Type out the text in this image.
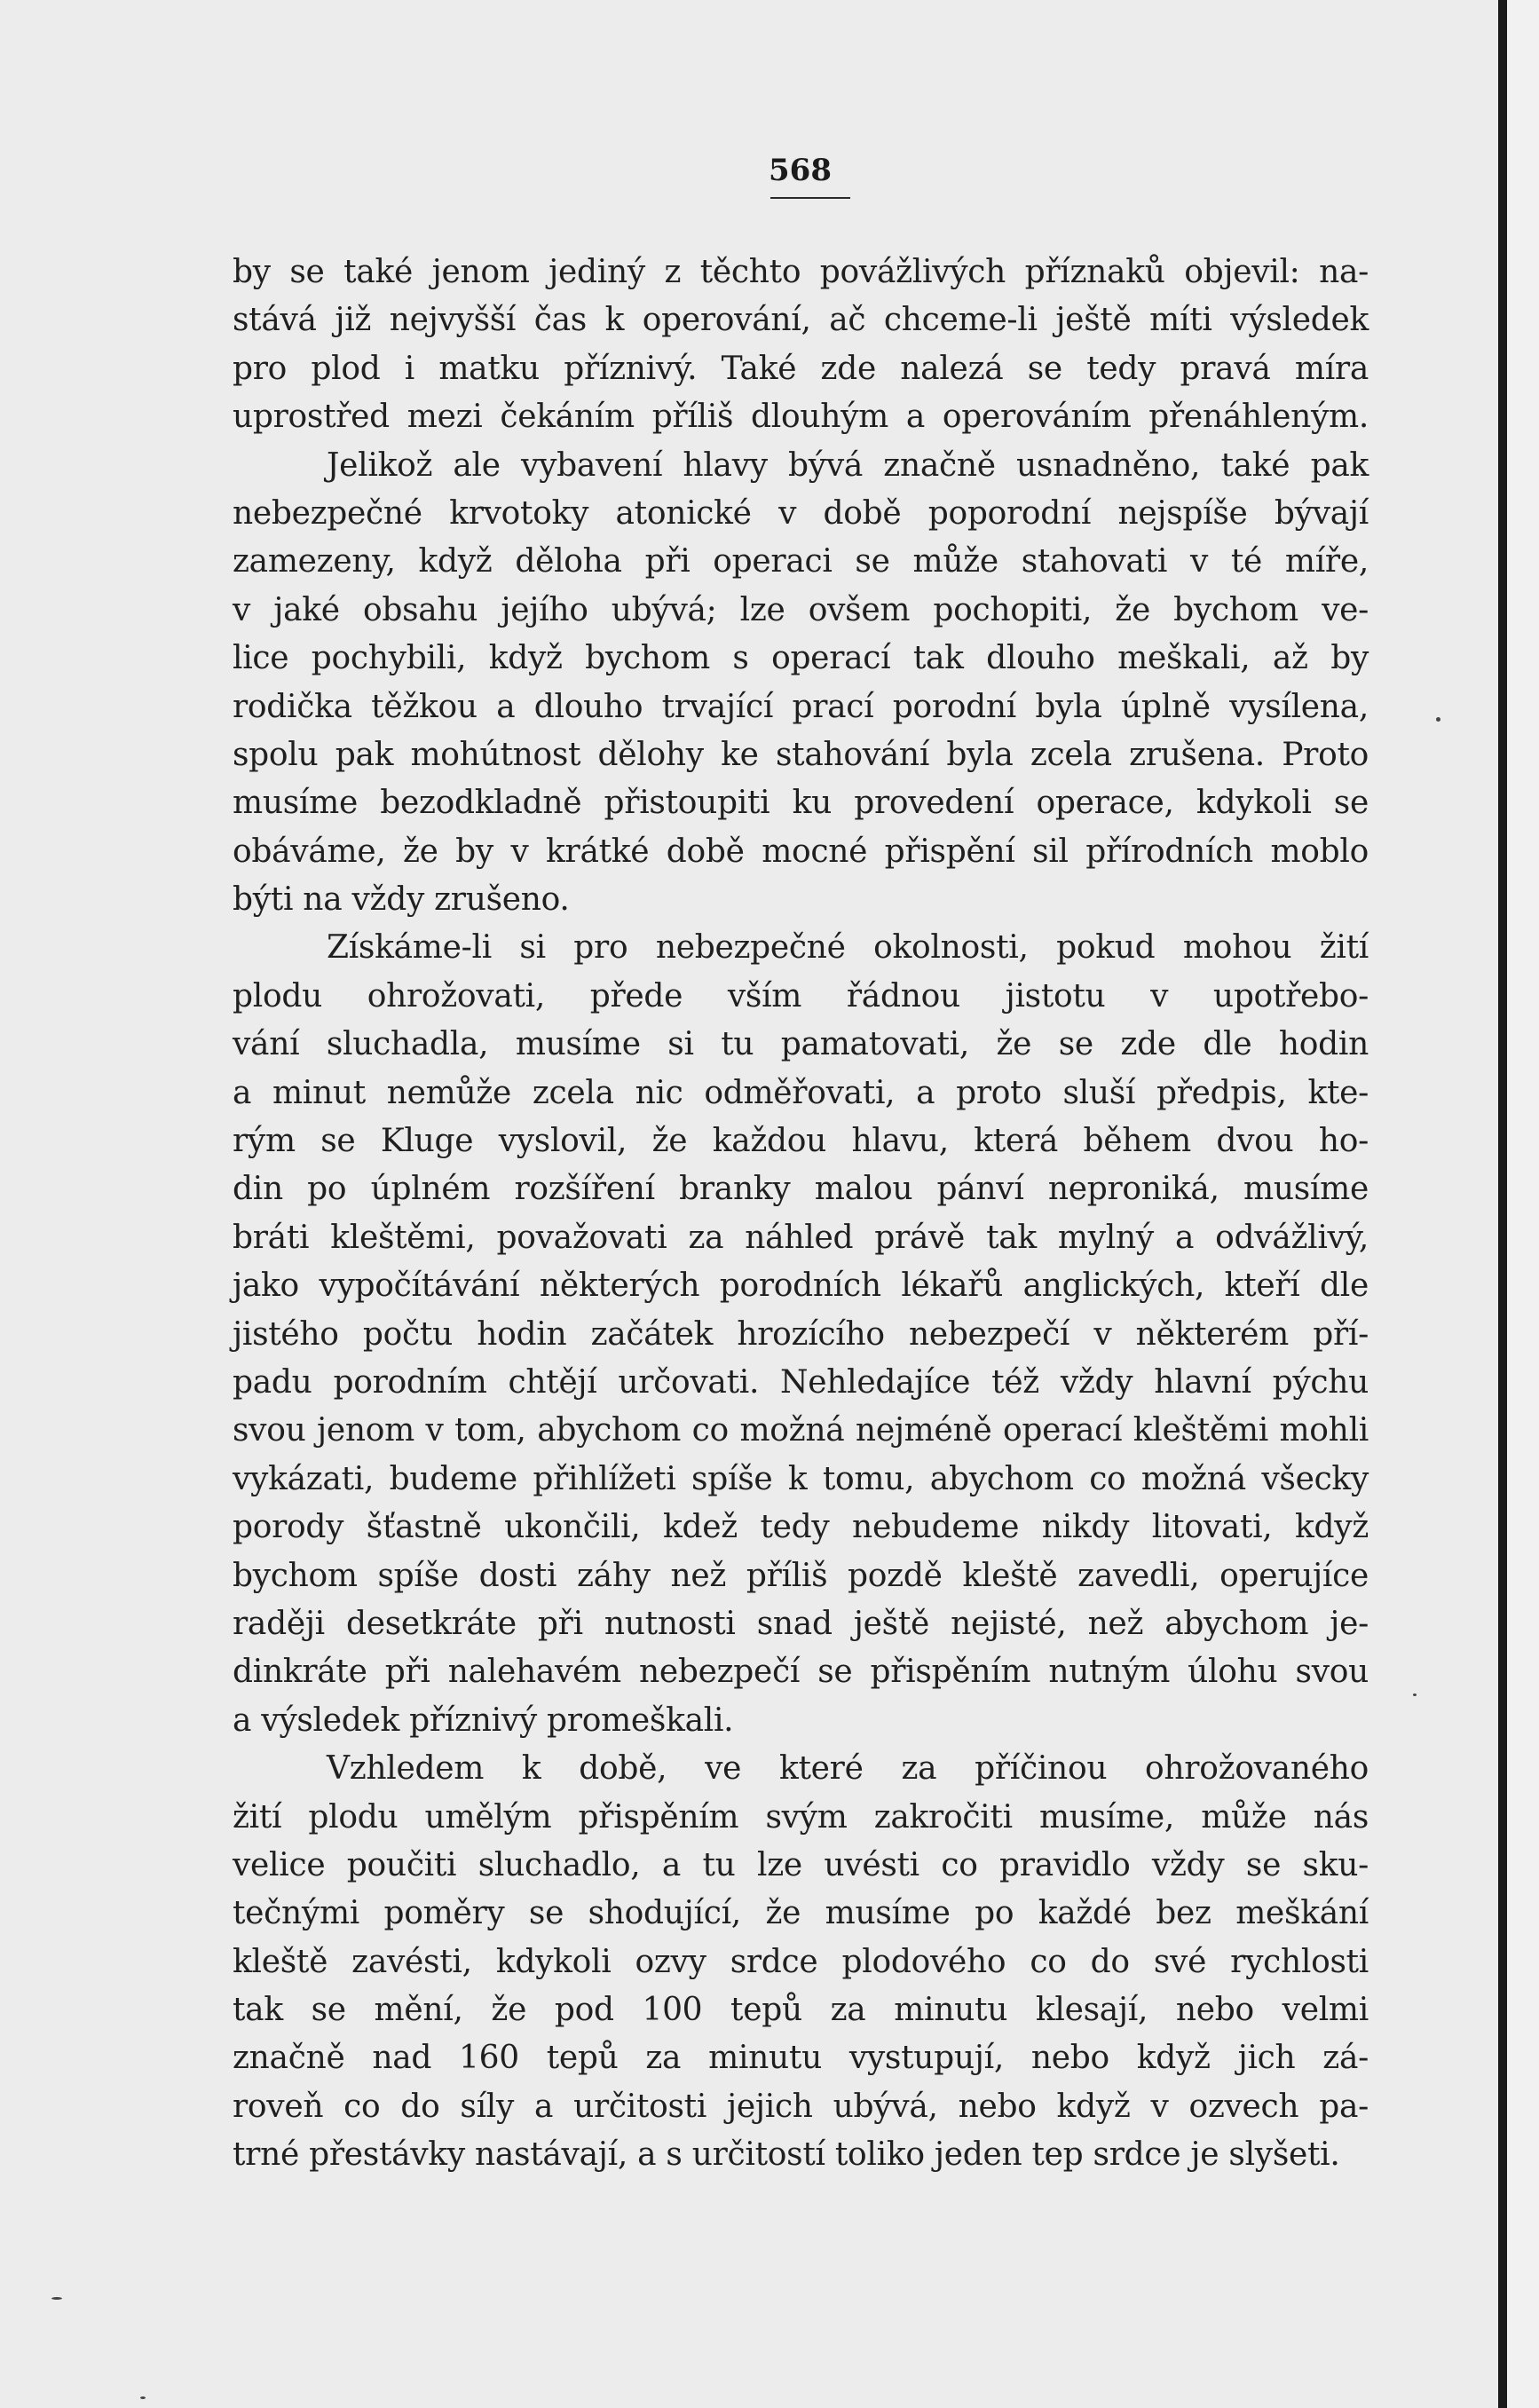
568
by se také jenom jediný z těchto povážlivých příznaků objevil: na-
stává již nejvyšší čas k operování, ač chceme-li ještě míti výsledek
pro plod i matku příznivý. Také zde nalezá se tedy pravá míra
uprostřed mezi čekáním příliš dlouhým a operováním přenáhleným.
Jelikož ale vybavení hlavy bývá značně usnadněno, také pak
nebezpečné krvotoky atonické v době poporodní nejspíše bývají
zamezeny, když děloha při operaci se může stahovati v té míře,
v jaké obsahu jejího ubývá; lze ovšem pochopiti, že bychom ve-
lice pochybili, když bychom s operací tak dlouho meškali, až by
rodička těžkou a dlouho trvající prací porodní byla úplně vysílena,
spolu pak mohútnost dělohy ke stahování byla zcela zrušena. Proto
musíme bezodkladně přistoupiti ku provedení operace, kdykoli se
obáváme, že by v krátké době mocné přispění sil přírodních moblo
býti na vždy zrušeno.
Získáme-li si pro nebezpečné okolnosti, pokud mohou žití
plodu ohrožovati, přede vším řádnou jistotu v upotřebo-
vání sluchadla, musíme si tu pamatovati, že se zde dle hodin
a minut nemůže zcela nic odměřovati, a proto sluší předpis, kte-
rým se Kluge vyslovil, že každou hlavu, která během dvou ho-
din po úplném rozšíření branky malou pánví neproniká, musíme
bráti kleštěmi, považovati za náhled právě tak mylný a odvážlivý,
jako vypočítávání některých porodních lékařů anglických, kteří dle
jistého počtu hodin začátek hrozícího nebezpečí v některém pří-
padu porodním chtějí určovati. Nehledajíce též vždy hlavní pýchu
svou jenom v tom, abychom co možná nejméně operací kleštěmi mohli
vykázati, budeme přihlížeti spíše k tomu, abychom co možná všecky
porody šťastně ukončili, kdež tedy nebudeme nikdy litovati, když
bychom spíše dosti záhy než příliš pozdě kleště zavedli, operujíce
raději desetkráte při nutnosti snad ještě nejisté, než abychom je-
dinkráte při nalehavém nebezpečí se přispěním nutným úlohu svou
a výsledek příznivý promeškali.
Vzhledem k době, ve které za příčinou ohrožovaného
žití plodu umělým přispěním svým zakročiti musíme, může nás
velice poučiti sluchadlo, a tu lze uvésti co pravidlo vždy se sku-
tečnými poměry se shodující, že musíme po každé bez meškání
kleště zavésti, kdykoli ozvy srdce plodového co do své rychlosti
tak se mění, že pod 100 tepů za minutu klesají, nebo velmi
značně nad 160 tepů za minutu vystupují, nebo když jich zá-
roveň co do síly a určitosti jejich ubývá, nebo když v ozvech pa-
trné přestávky nastávají, a s určitostí toliko jeden tep srdce je slyšeti.
